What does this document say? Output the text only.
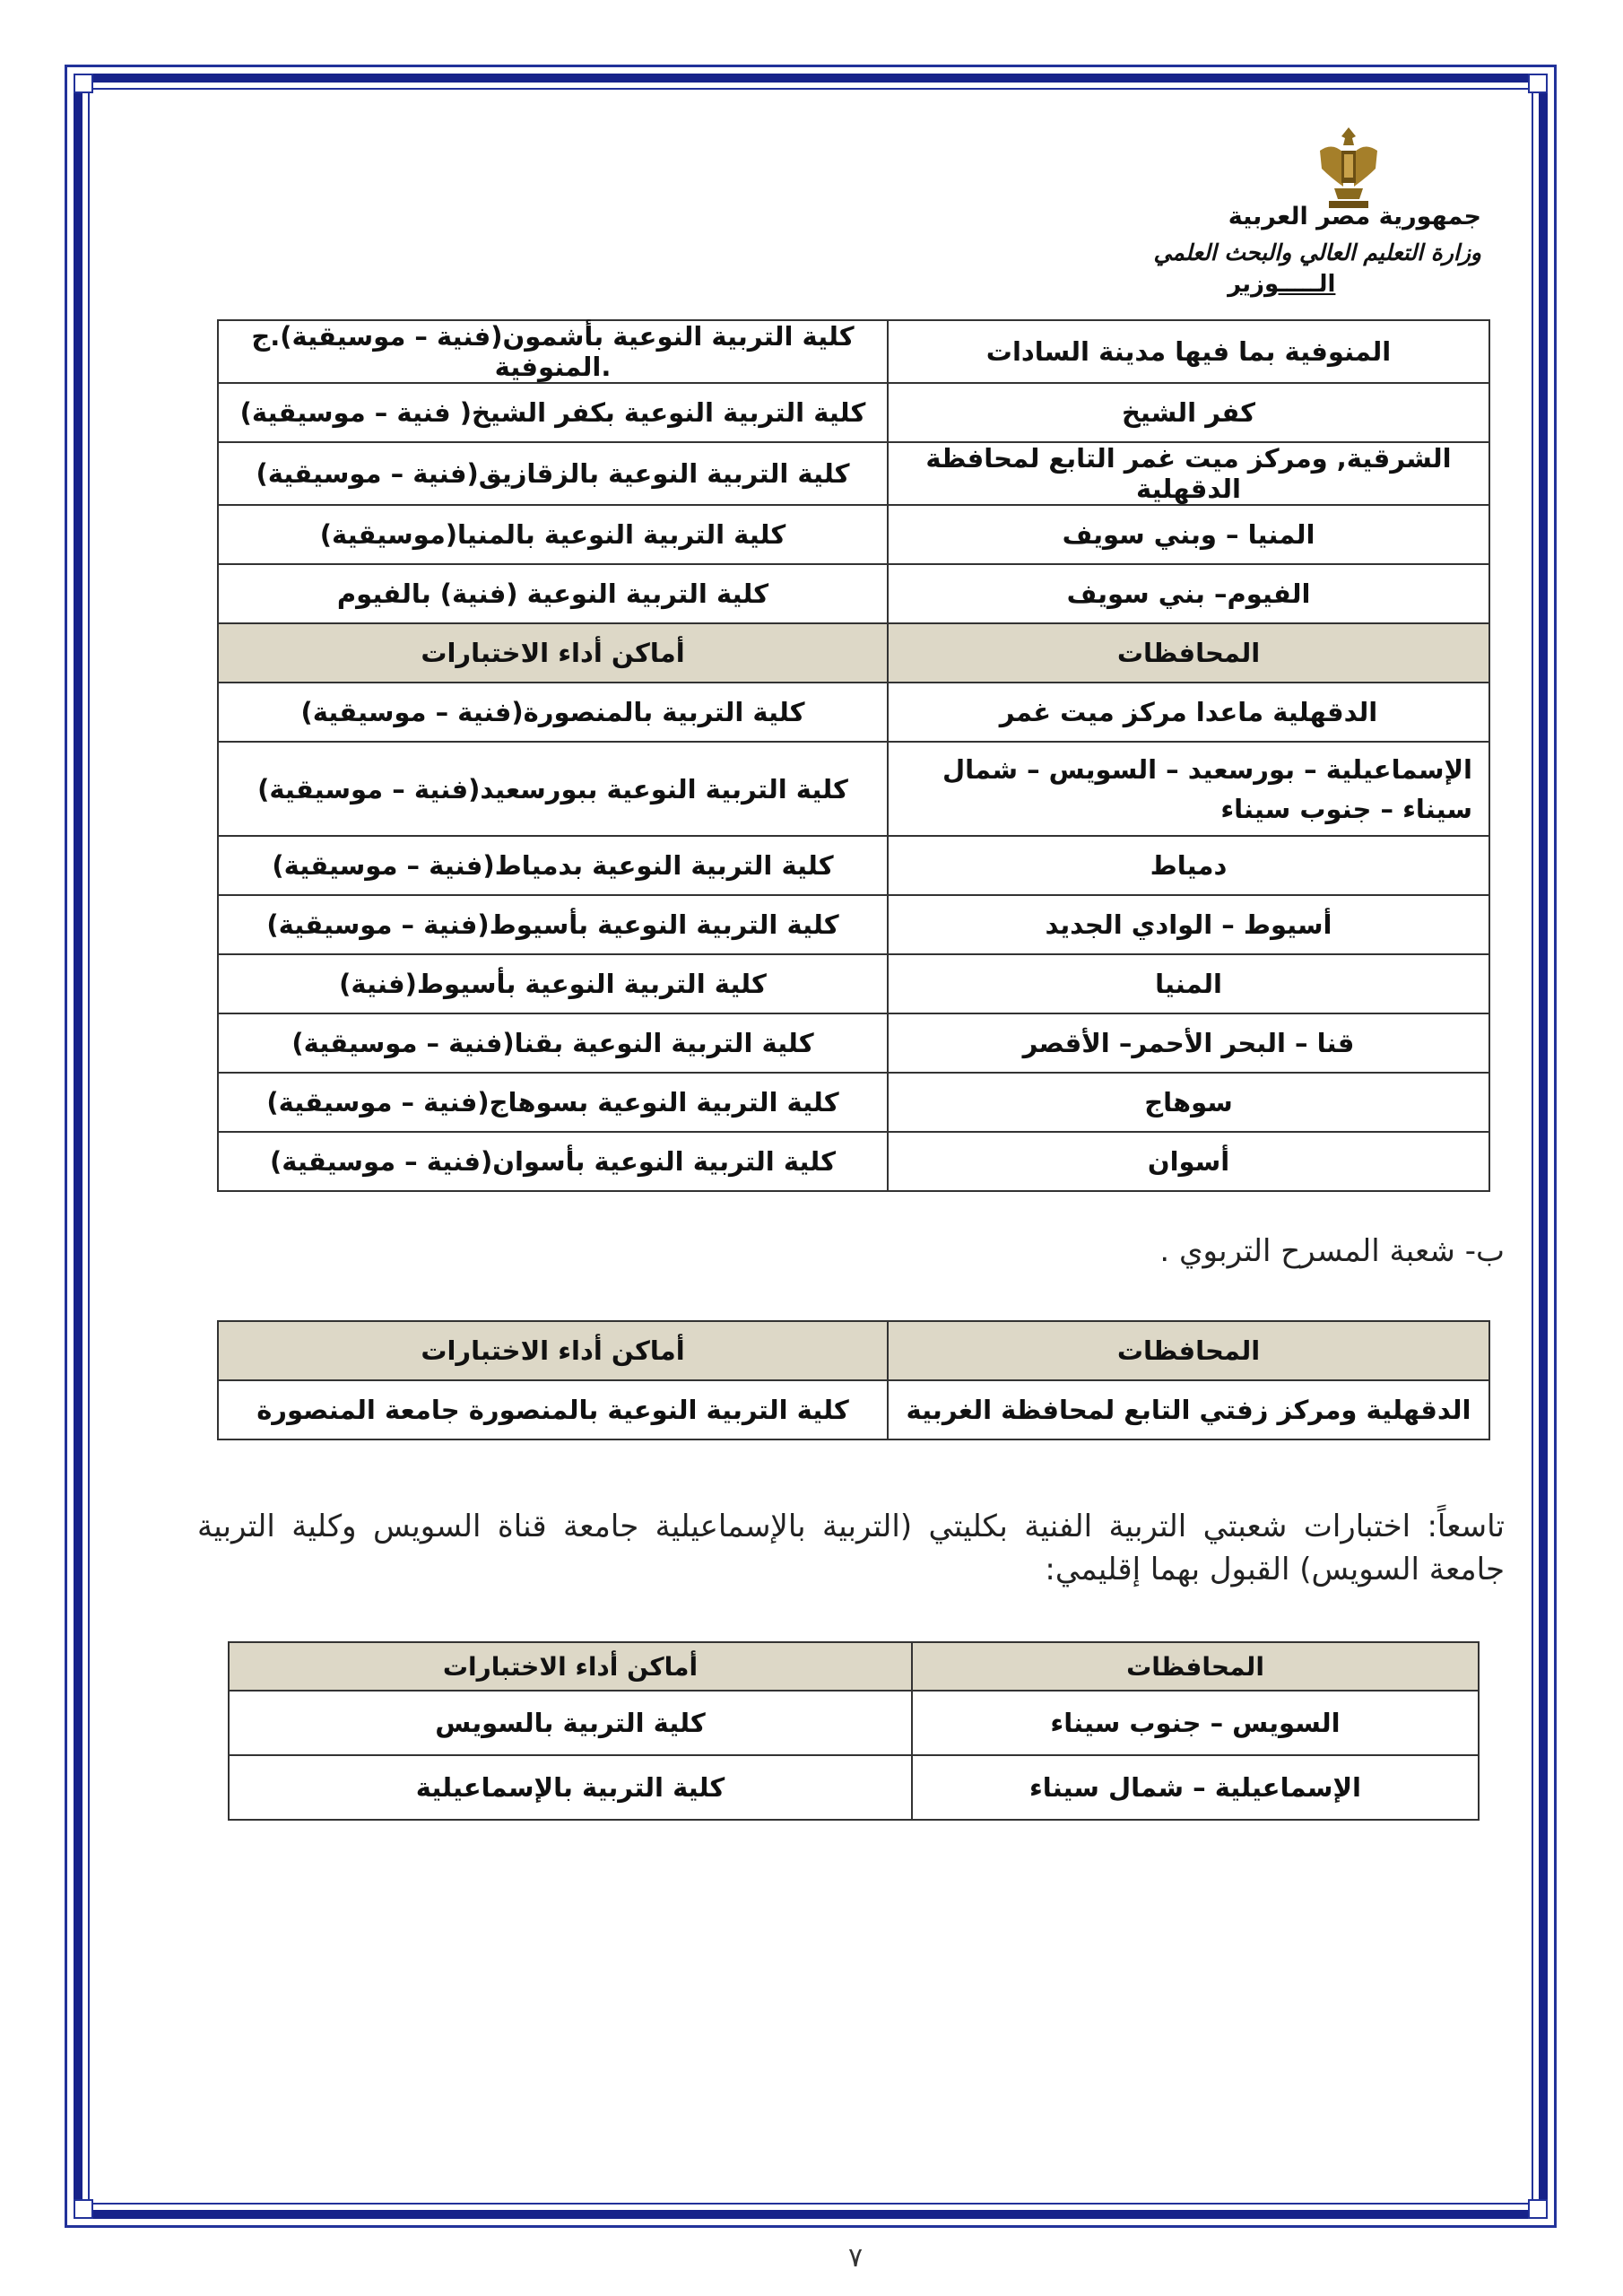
جمهورية مصر العربية
وزارة التعليم العالي والبحث العلمي
الـــــوزير
المنوفية بما فيها مدينة السادات	كلية التربية النوعية بأشمون(فنية – موسيقية).ج .المنوفية
كفر الشيخ	كلية التربية النوعية بكفر الشيخ( فنية – موسيقية)
الشرقية, ومركز ميت غمر التابع لمحافظة الدقهلية	كلية التربية النوعية بالزقازيق(فنية – موسيقية)
المنيا – وبني سويف	كلية التربية النوعية بالمنيا(موسيقية)
الفيوم– بني سويف	كلية التربية النوعية (فنية) بالفيوم
المحافظات	أماكن أداء الاختبارات
الدقهلية ماعدا مركز ميت غمر	كلية التربية بالمنصورة(فنية – موسيقية)
الإسماعيلية – بورسعيد – السويس – شمال سيناء – جنوب سيناء	كلية التربية النوعية ببورسعيد(فنية – موسيقية)
دمياط	كلية التربية النوعية بدمياط(فنية – موسيقية)
أسيوط – الوادي الجديد	كلية التربية النوعية بأسيوط(فنية – موسيقية)
المنيا	كلية التربية النوعية بأسيوط(فنية)
قنا – البحر الأحمر– الأقصر	كلية التربية النوعية بقنا(فنية – موسيقية)
سوهاج	كلية التربية النوعية بسوهاج(فنية – موسيقية)
أسوان	كلية التربية النوعية بأسوان(فنية – موسيقية)
ب- شعبة المسرح التربوي .
المحافظات	أماكن أداء الاختبارات
الدقهلية ومركز زفتي التابع لمحافظة الغربية	كلية التربية النوعية بالمنصورة جامعة المنصورة
تاسعاً: اختبارات شعبتي التربية الفنية بكليتي (التربية بالإسماعيلية جامعة قناة السويس وكلية التربية جامعة السويس) القبول بهما إقليمي:
المحافظات	أماكن أداء الاختبارات
السويس – جنوب سيناء	كلية التربية بالسويس
الإسماعيلية – شمال سيناء	كلية التربية بالإسماعيلية
٧
